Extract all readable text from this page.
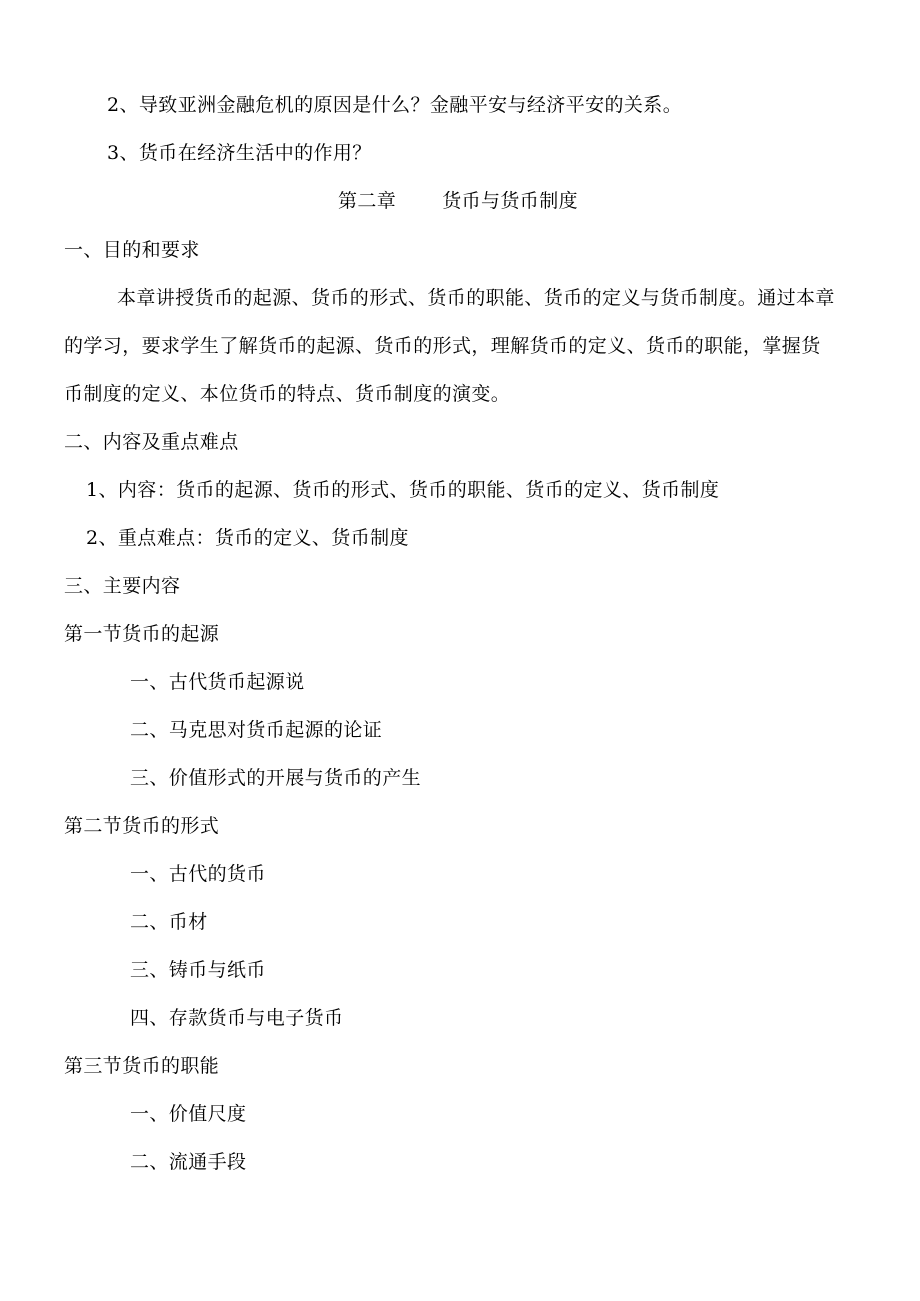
2、导致亚洲金融危机的原因是什么？金融平安与经济平安的关系。
3、货币在经济生活中的作用？
第二章 货币与货币制度
一、目的和要求
本章讲授货币的起源、货币的形式、货币的职能、货币的定义与货币制度。通过本章
的学习，要求学生了解货币的起源、货币的形式，理解货币的定义、货币的职能，掌握货
币制度的定义、本位货币的特点、货币制度的演变。
二、内容及重点难点
1、内容：货币的起源、货币的形式、货币的职能、货币的定义、货币制度
2、重点难点：货币的定义、货币制度
三、主要内容
第一节货币的起源
一、古代货币起源说
二、马克思对货币起源的论证
三、价值形式的开展与货币的产生
第二节货币的形式
一、古代的货币
二、币材
三、铸币与纸币
四、存款货币与电子货币
第三节货币的职能
一、价值尺度
二、流通手段
